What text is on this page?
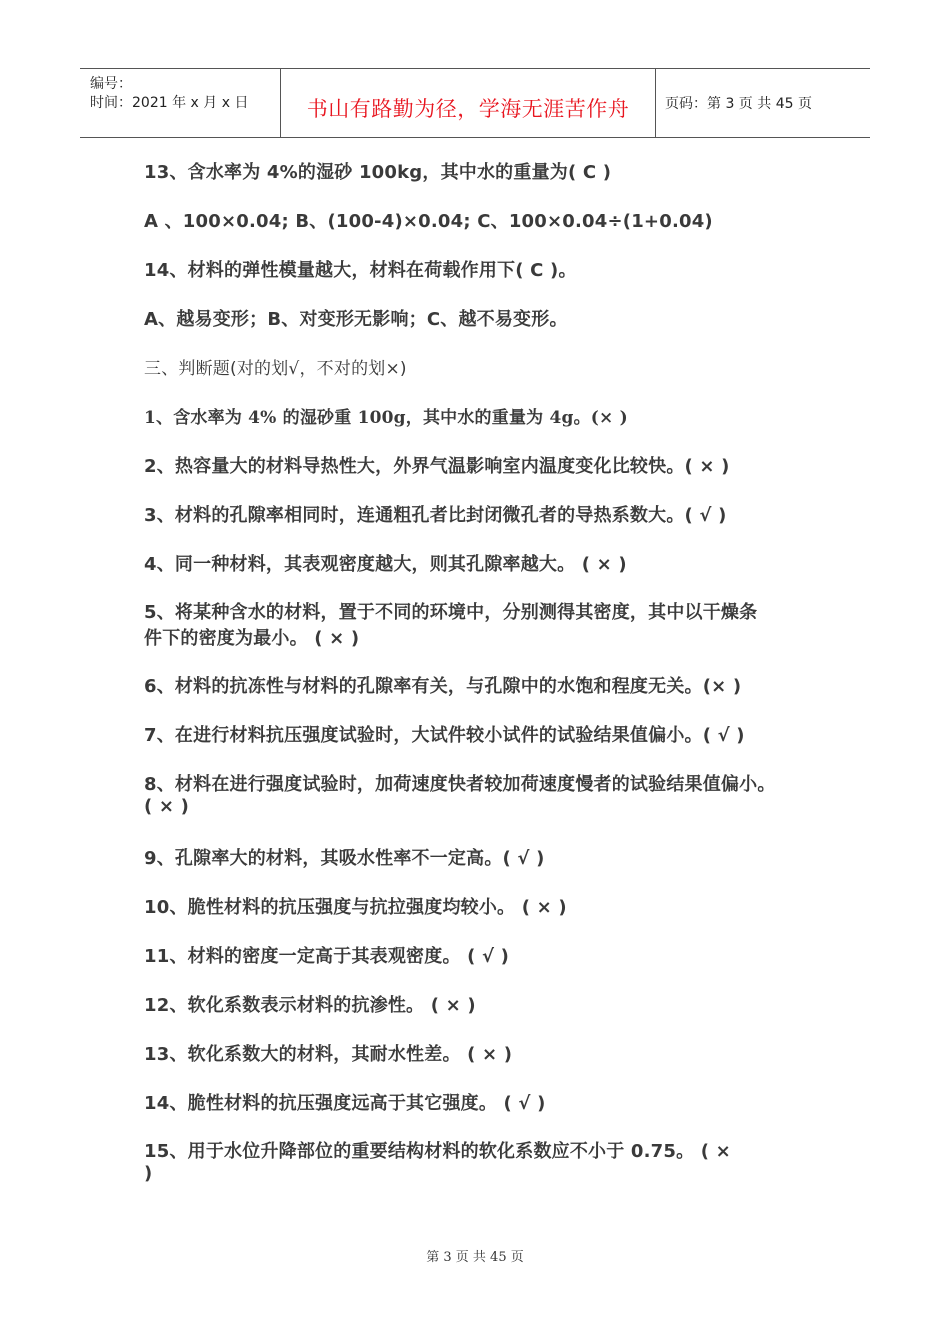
编号：
时间：2021 年 x 月 x 日	书山有路勤为径，学海无涯苦作舟	页码：第 3 页 共 45 页
13、含水率为 4%的湿砂 100kg，其中水的重量为( C )
A 、100×0.04; B、(100-4)×0.04; C、100×0.04÷(1+0.04)
14、材料的弹性模量越大，材料在荷载作用下( C )。
A、越易变形；B、对变形无影响；C、越不易变形。
三、判断题(对的划√，不对的划×)
1、含水率为 4% 的湿砂重 100g，其中水的重量为 4g。(× )
2、热容量大的材料导热性大，外界气温影响室内温度变化比较快。( × )
3、材料的孔隙率相同时，连通粗孔者比封闭微孔者的导热系数大。( √ )
4、同一种材料，其表观密度越大，则其孔隙率越大。 ( × )
5、将某种含水的材料，置于不同的环境中，分别测得其密度，其中以干燥条
件下的密度为最小。 ( × )
6、材料的抗冻性与材料的孔隙率有关，与孔隙中的水饱和程度无关。(× )
7、在进行材料抗压强度试验时，大试件较小试件的试验结果值偏小。( √ )
8、材料在进行强度试验时，加荷速度快者较加荷速度慢者的试验结果值偏小。
( × )
9、孔隙率大的材料，其吸水性率不一定高。( √ )
10、脆性材料的抗压强度与抗拉强度均较小。 ( × )
11、材料的密度一定高于其表观密度。 ( √ )
12、软化系数表示材料的抗渗性。 ( × )
13、软化系数大的材料，其耐水性差。 ( × )
14、脆性材料的抗压强度远高于其它强度。 ( √ )
15、用于水位升降部位的重要结构材料的软化系数应不小于 0.75。 ( ×
)
第 3 页 共 45 页
